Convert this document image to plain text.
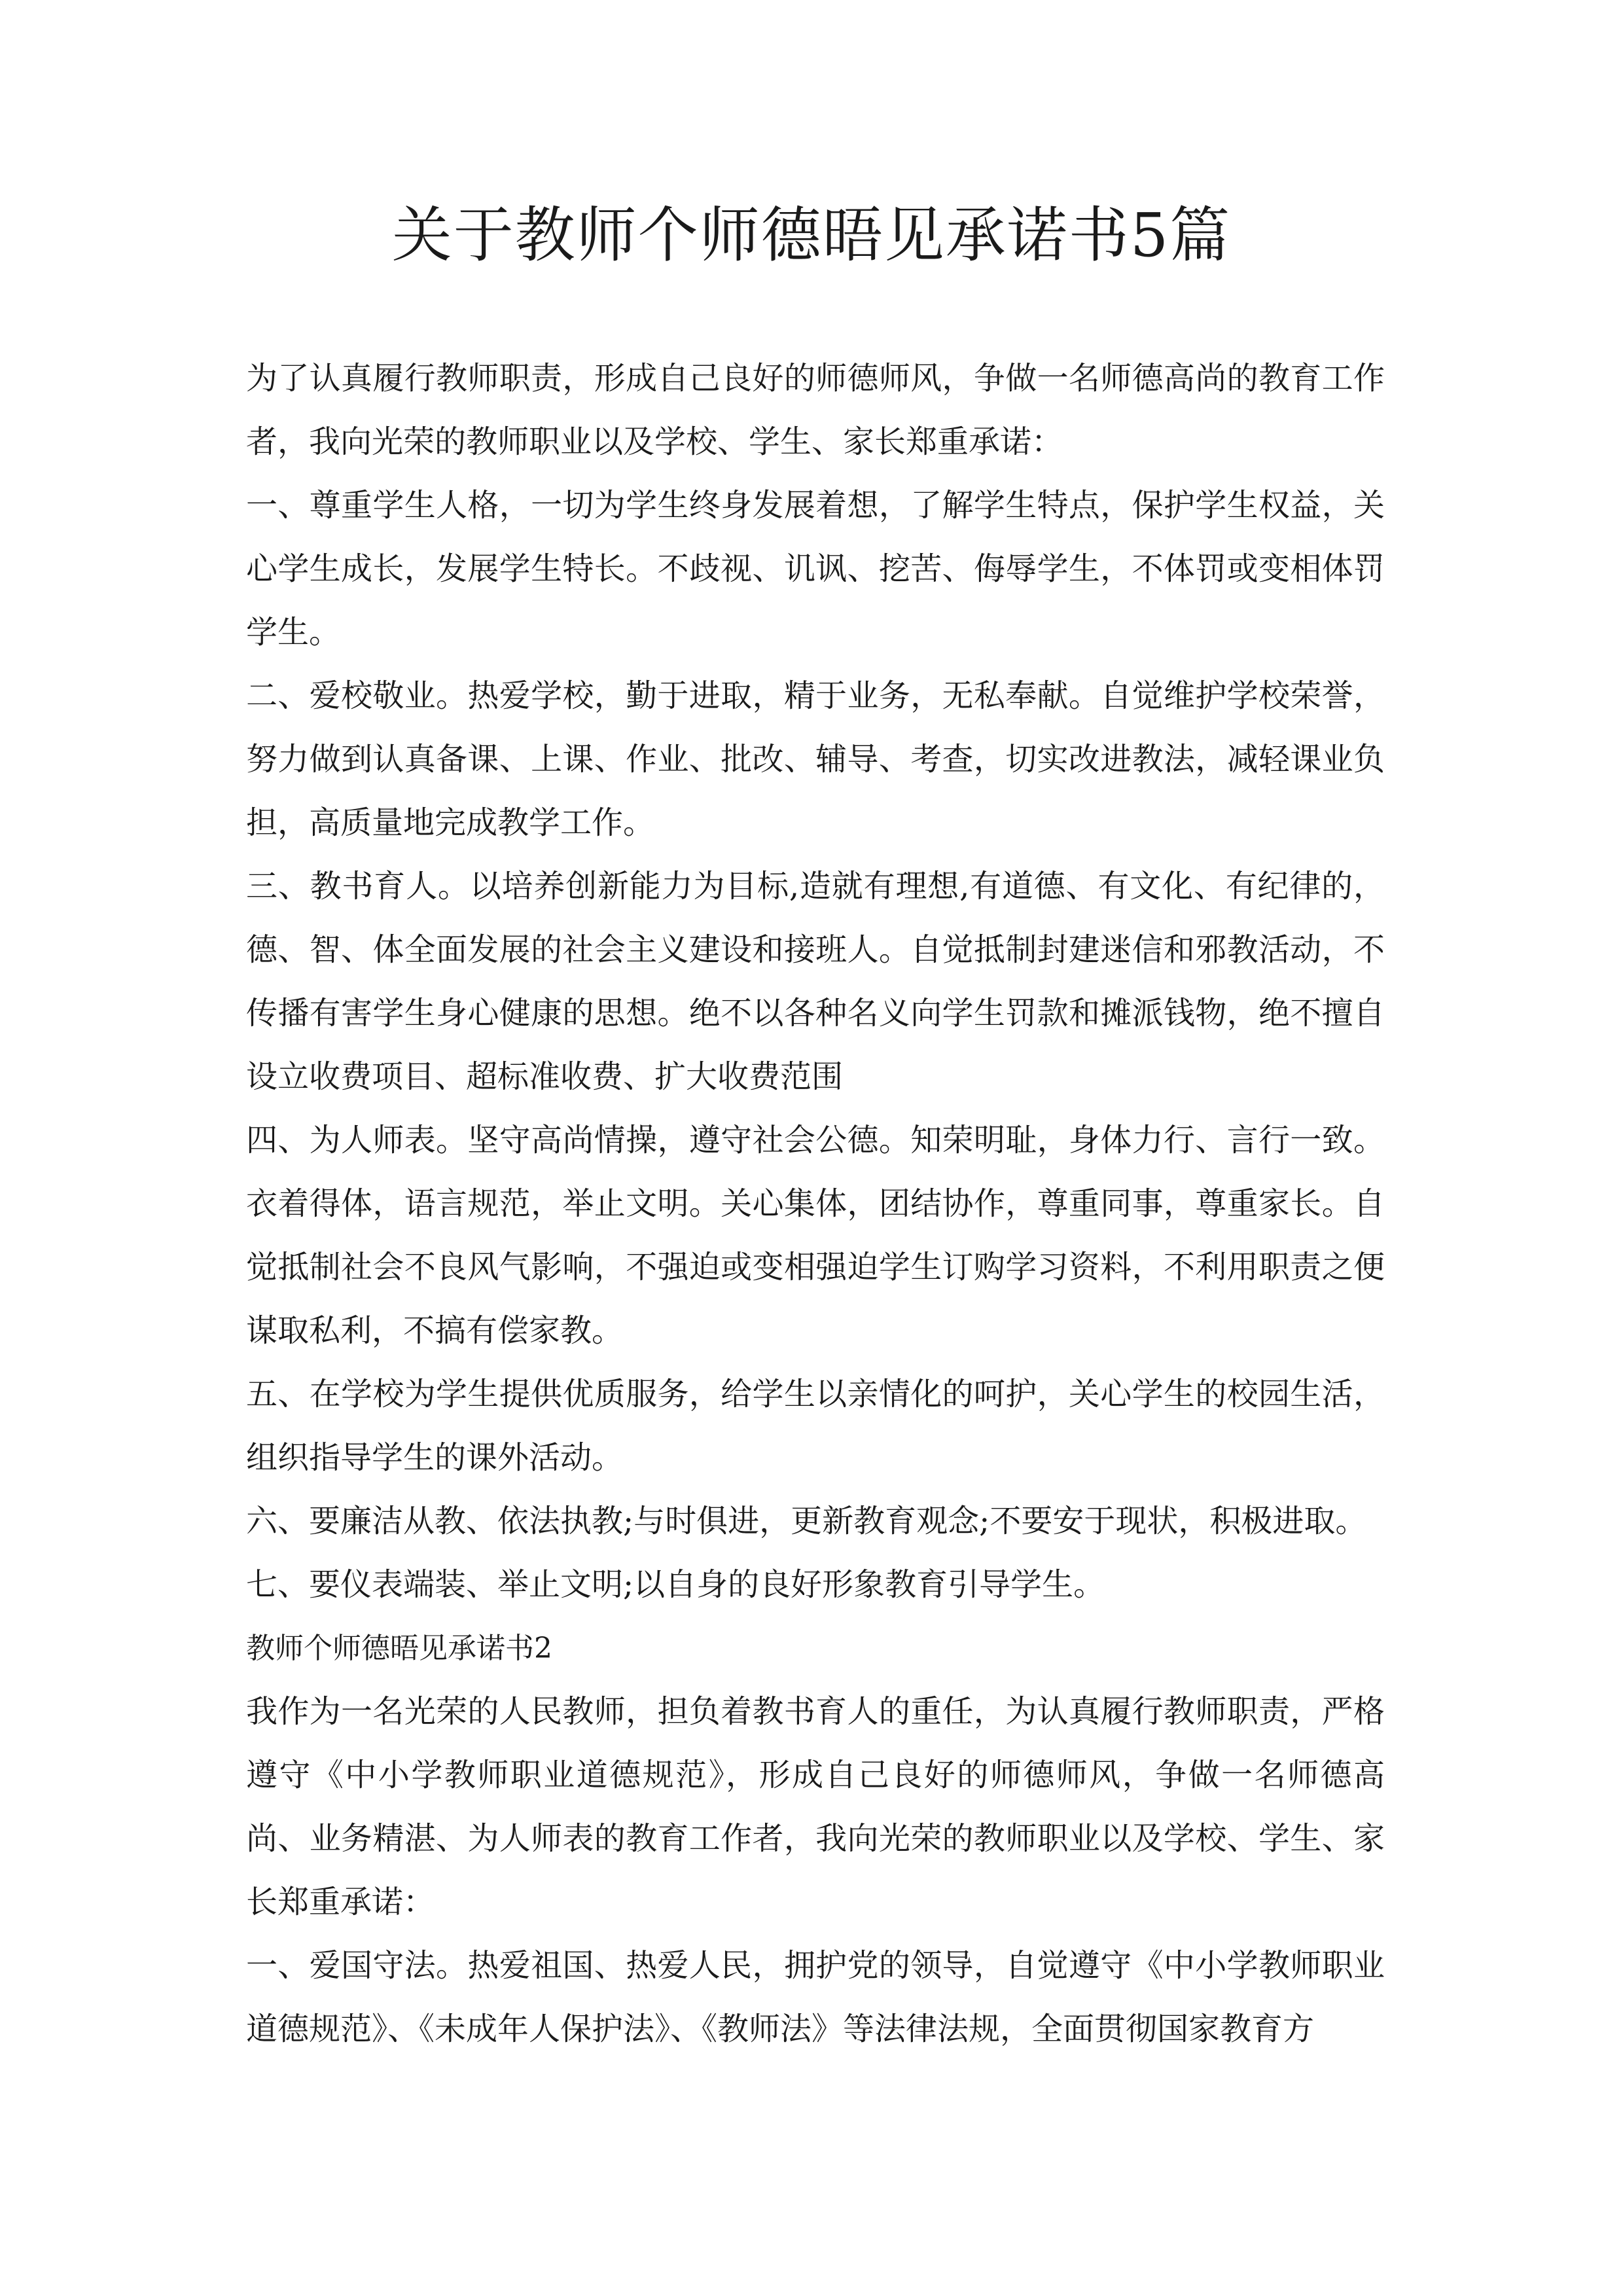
关于教师个师德晤见承诺书5篇

为了认真履行教师职责，形成自己良好的师德师风，争做一名师德高尚的教育工作者，我向光荣的教师职业以及学校、学生、家长郑重承诺：

一、尊重学生人格，一切为学生终身发展着想，了解学生特点，保护学生权益，关心学生成长，发展学生特长。不歧视、讥讽、挖苦、侮辱学生，不体罚或变相体罚学生。

二、爱校敬业。热爱学校，勤于进取，精于业务，无私奉献。自觉维护学校荣誉，努力做到认真备课、上课、作业、批改、辅导、考查，切实改进教法，减轻课业负担，高质量地完成教学工作。

三、教书育人。以培养创新能力为目标,造就有理想,有道德、有文化、有纪律的，德、智、体全面发展的社会主义建设和接班人。自觉抵制封建迷信和邪教活动，不传播有害学生身心健康的思想。绝不以各种名义向学生罚款和摊派钱物，绝不擅自设立收费项目、超标准收费、扩大收费范围

四、为人师表。坚守高尚情操，遵守社会公德。知荣明耻，身体力行、言行一致。衣着得体，语言规范，举止文明。关心集体，团结协作，尊重同事，尊重家长。自觉抵制社会不良风气影响，不强迫或变相强迫学生订购学习资料，不利用职责之便谋取私利，不搞有偿家教。

五、在学校为学生提供优质服务，给学生以亲情化的呵护，关心学生的校园生活，组织指导学生的课外活动。

六、要廉洁从教、依法执教;与时俱进，更新教育观念;不要安于现状，积极进取。

七、要仪表端装、举止文明;以自身的良好形象教育引导学生。

教师个师德晤见承诺书2

我作为一名光荣的人民教师，担负着教书育人的重任，为认真履行教师职责，严格遵守《中小学教师职业道德规范》，形成自己良好的师德师风，争做一名师德高尚、业务精湛、为人师表的教育工作者，我向光荣的教师职业以及学校、学生、家长郑重承诺：

一、爱国守法。热爱祖国、热爱人民，拥护党的领导，自觉遵守《中小学教师职业道德规范》、《未成年人保护法》、《教师法》等法律法规，全面贯彻国家教育方
